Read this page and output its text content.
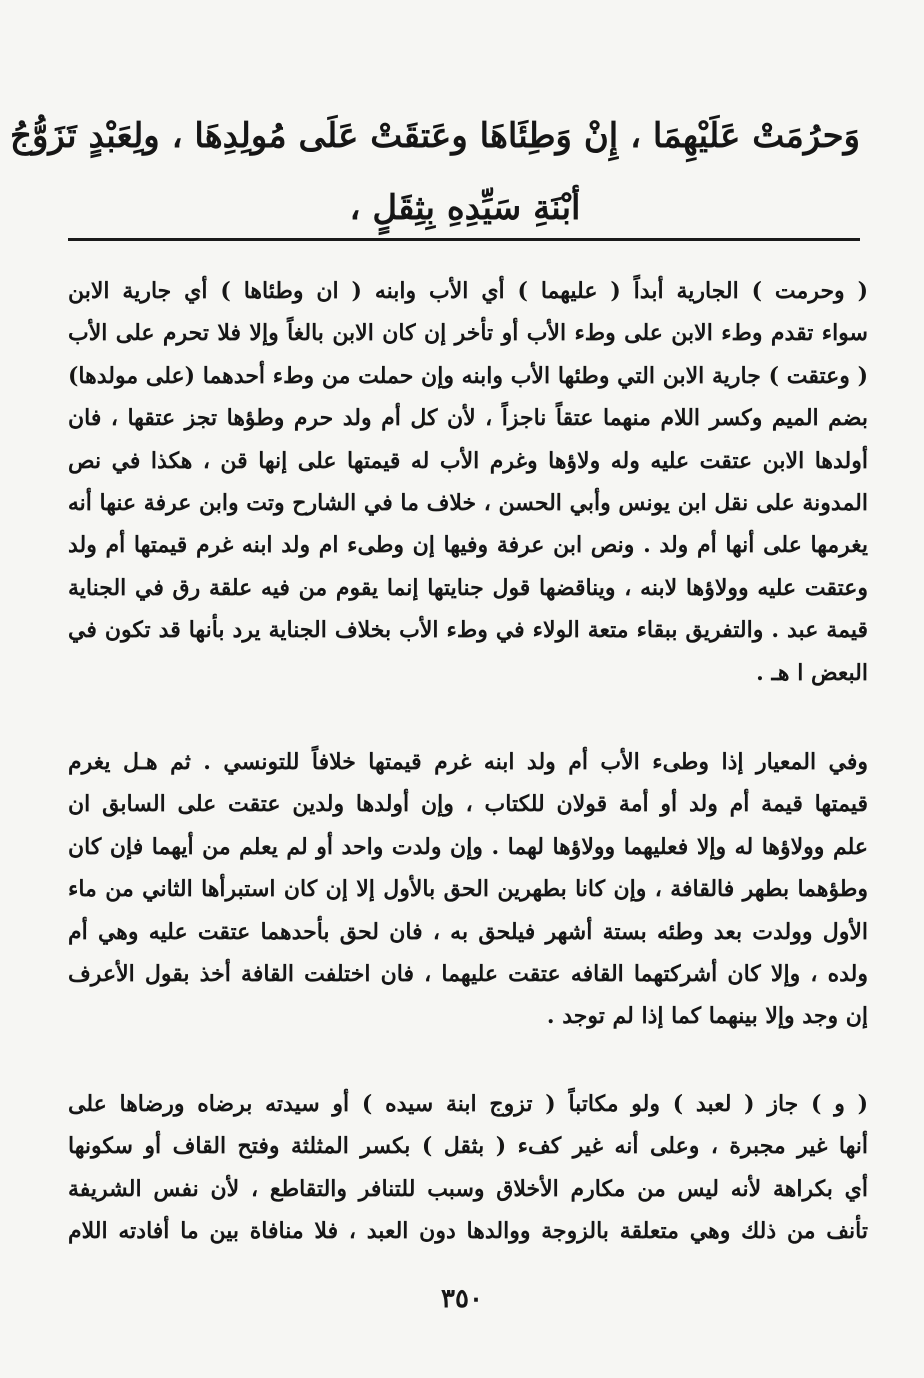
وَحرُمَتْ عَلَيْهِمَا ، إِنْ وَطِئَاهَا وعَتقَتْ عَلَى مُولِدِهَا ، ولِعَبْدٍ تَزَوُّجُ
أبْنَةِ سَيِّدِهِ بِثِقَلٍ ،
( وحرمت ) الجارية أبداً ( عليهما ) أي الأب وابنه ( ان وطئاها ) أي جارية الابن
سواء تقدم وطء الابن على وطء الأب أو تأخر إن كان الابن بالغاً وإلا فلا تحرم على الأب
( وعتقت ) جارية الابن التي وطئها الأب وابنه وإن حملت من وطء أحدهما (على مولدها)
بضم الميم وكسر اللام منهما عتقاً ناجزاً ، لأن كل أم ولد حرم وطؤها تجز عتقها ، فان
أولدها الابن عتقت عليه وله ولاؤها وغرم الأب له قيمتها على إنها قن ، هكذا في نص
المدونة على نقل ابن يونس وأبي الحسن ، خلاف ما في الشارح وتت وابن عرفة عنها أنه
يغرمها على أنها أم ولد . ونص ابن عرفة وفيها إن وطىء ام ولد ابنه غرم قيمتها أم ولد
وعتقت عليه وولاؤها لابنه ، ويناقضها قول جنايتها إنما يقوم من فيه علقة رق في الجناية
قيمة عبد . والتفريق ببقاء متعة الولاء في وطء الأب بخلاف الجناية يرد بأنها قد تكون في
البعض ا هـ .
وفي المعيار إذا وطىء الأب أم ولد ابنه غرم قيمتها خلافاً للتونسي . ثم هـل يغرم
قيمتها قيمة أم ولد أو أمة قولان للكتاب ، وإن أولدها ولدين عتقت على السابق ان
علم وولاؤها له وإلا فعليهما وولاؤها لهما . وإن ولدت واحد أو لم يعلم من أيهما فإن كان
وطؤهما بطهر فالقافة ، وإن كانا بطهرين الحق بالأول إلا إن كان استبرأها الثاني من ماء
الأول وولدت بعد وطئه بستة أشهر فيلحق به ، فان لحق بأحدهما عتقت عليه وهي أم
ولده ، وإلا كان أشركتهما القافه عتقت عليهما ، فان اختلفت القافة أخذ بقول الأعرف
إن وجد وإلا بينهما كما إذا لم توجد .
( و ) جاز ( لعبد ) ولو مكاتباً ( تزوج ابنة سيده ) أو سيدته برضاه ورضاها على
أنها غير مجبرة ، وعلى أنه غير كفء ( بثقل ) بكسر المثلثة وفتح القاف أو سكونها
أي بكراهة لأنه ليس من مكارم الأخلاق وسبب للتنافر والتقاطع ، لأن نفس الشريفة
تأنف من ذلك وهي متعلقة بالزوجة ووالدها دون العبد ، فلا منافاة بين ما أفادته اللام
٣٥٠
